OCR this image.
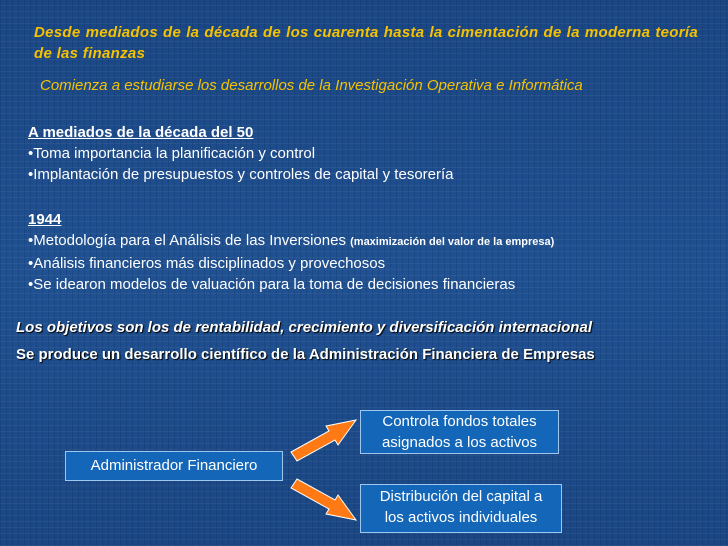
Desde mediados de la década de los cuarenta hasta la cimentación de la moderna teoría de las finanzas

Comienza a estudiarse los desarrollos de la Investigación Operativa e Informática
A mediados de la década del 50
•Toma importancia la planificación y control
•Implantación de presupuestos y controles de capital y tesorería
1944
•Metodología para el Análisis de las Inversiones (maximización del valor de la empresa)
•Análisis financieros más disciplinados y provechosos
•Se idearon modelos de valuación para la toma de decisiones financieras
Los objetivos son los de rentabilidad, crecimiento y diversificación internacional
Se produce un desarrollo científico de la Administración Financiera de Empresas
Administrador Financiero
Controla fondos totales
asignados a los activos
Distribución del capital a
los activos individuales
